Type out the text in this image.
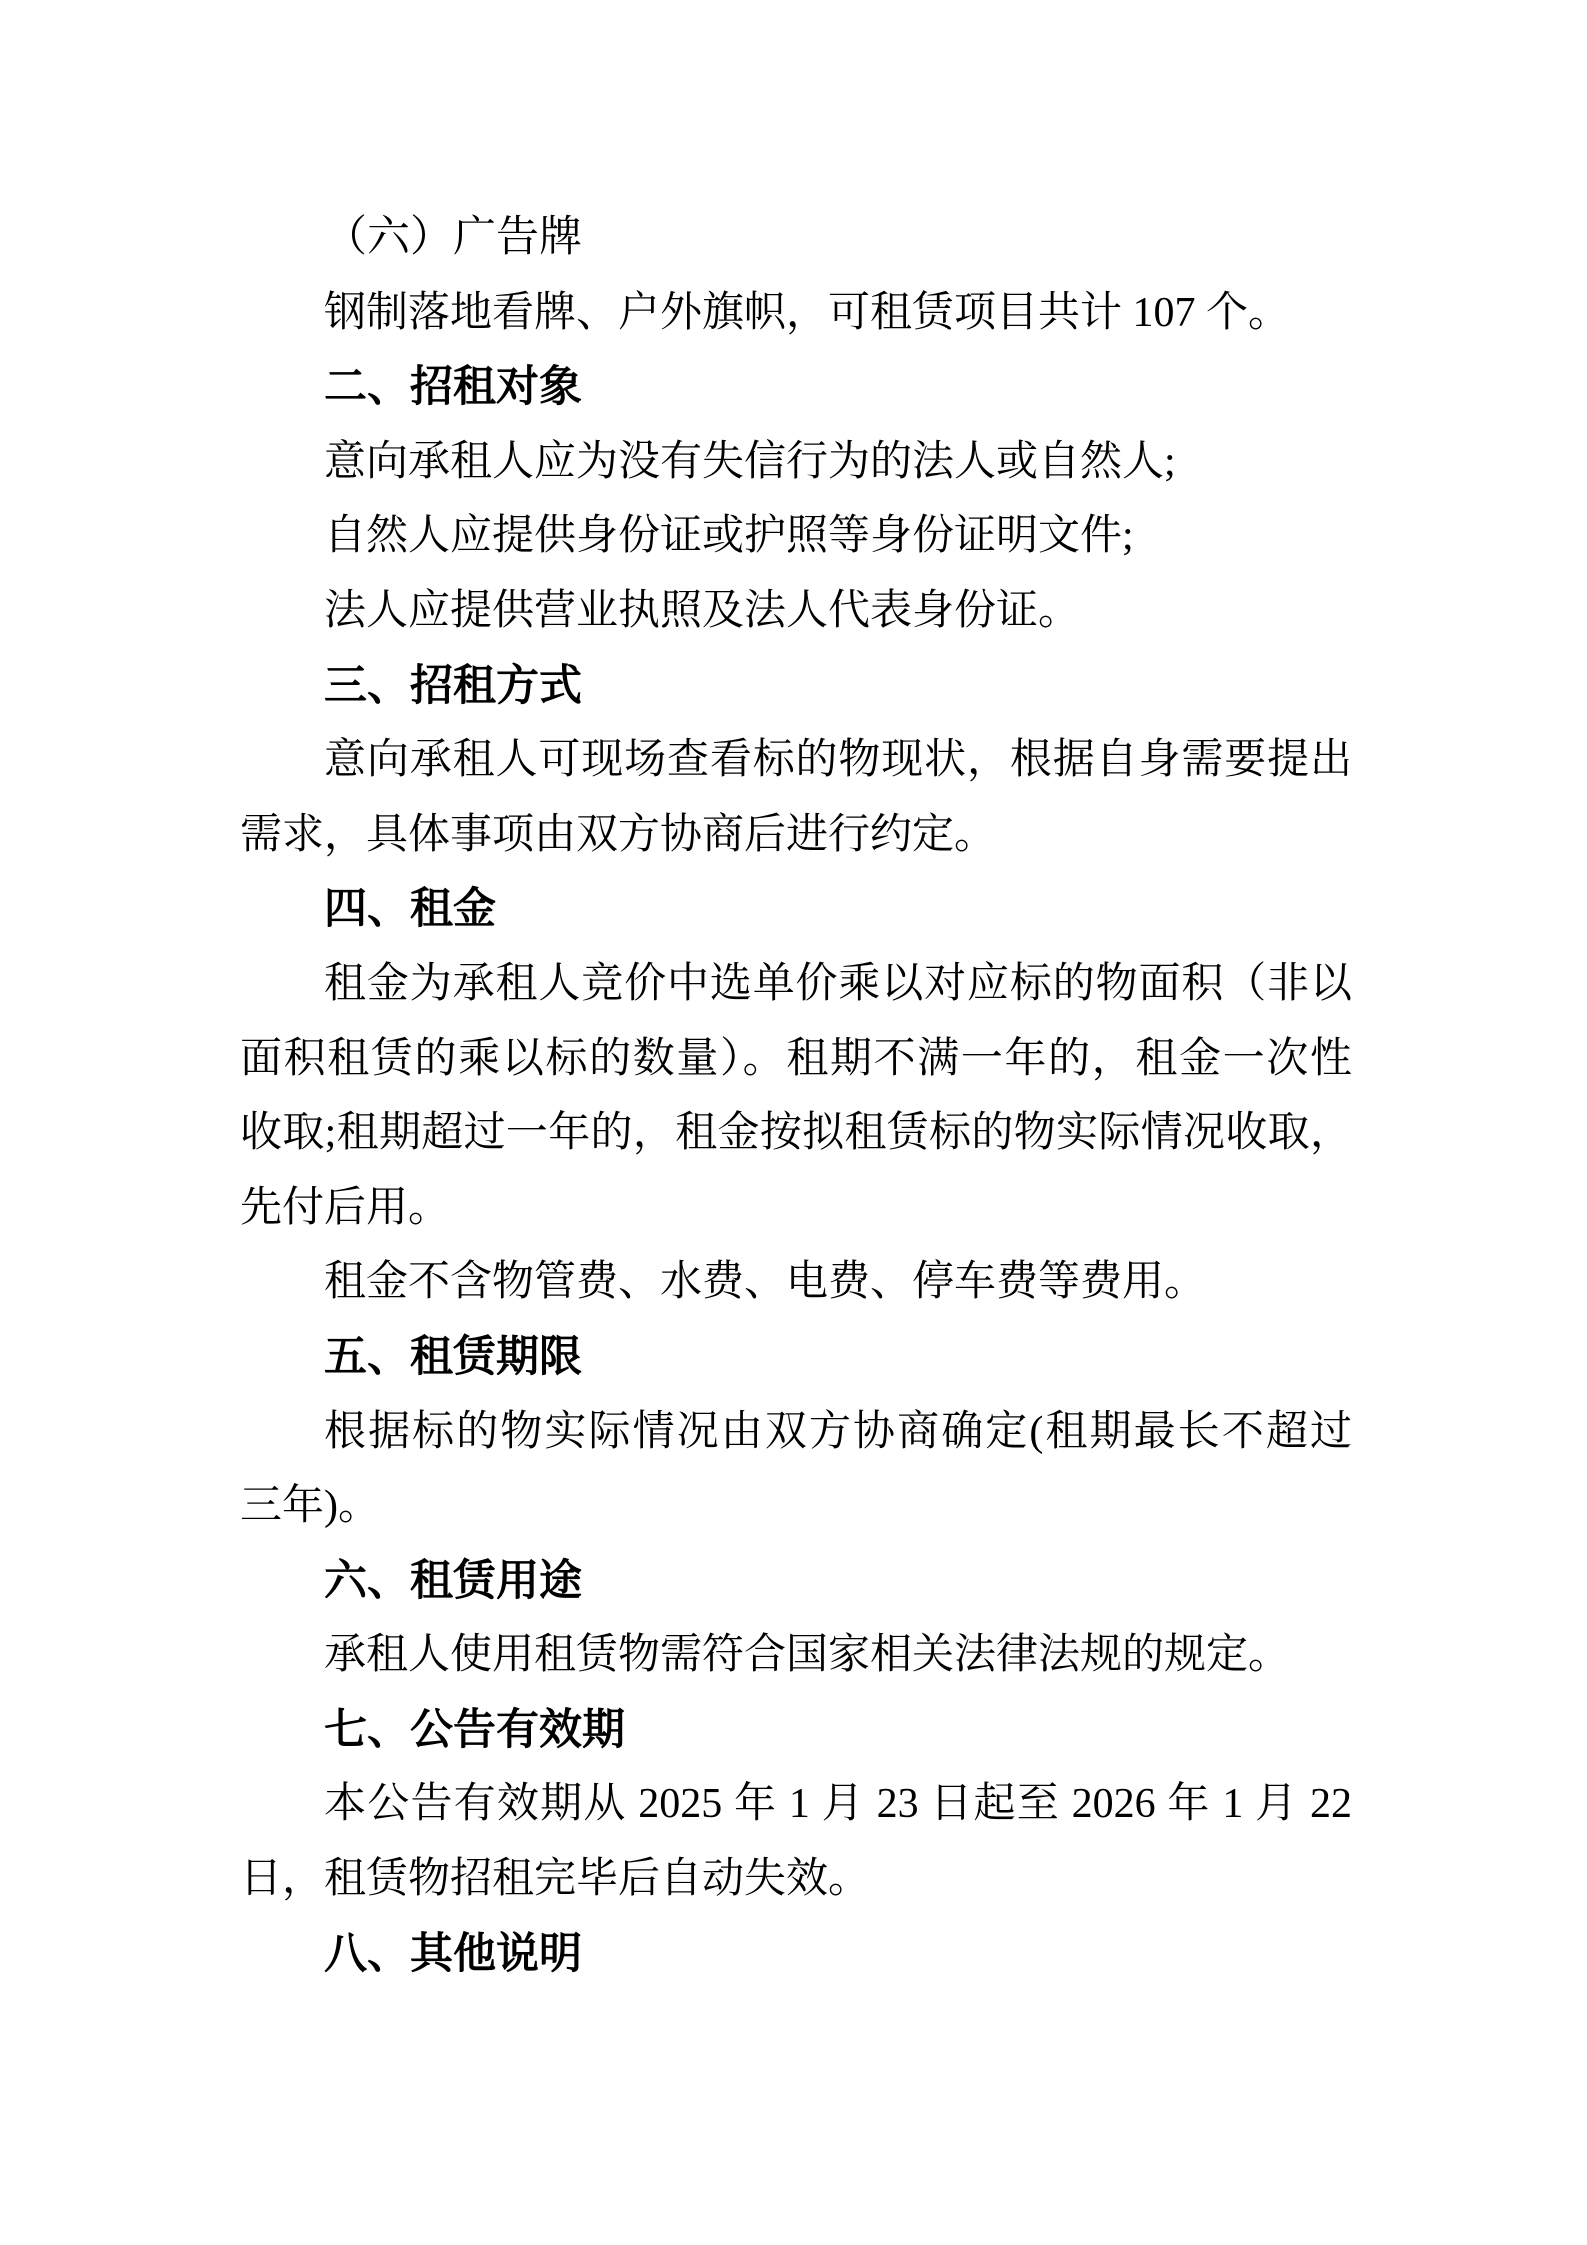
（六）广告牌
钢制落地看牌、户外旗帜，可租赁项目共计 107 个。
二、招租对象
意向承租人应为没有失信行为的法人或自然人;
自然人应提供身份证或护照等身份证明文件;
法人应提供营业执照及法人代表身份证。
三、招租方式
意向承租人可现场查看标的物现状，根据自身需要提出
需求，具体事项由双方协商后进行约定。
四、租金
租金为承租人竞价中选单价乘以对应标的物面积（非以
面积租赁的乘以标的数量）。租期不满一年的，租金一次性
收取;租期超过一年的，租金按拟租赁标的物实际情况收取，
先付后用。
租金不含物管费、水费、电费、停车费等费用。
五、租赁期限
根据标的物实际情况由双方协商确定(租期最长不超过
三年)。
六、租赁用途
承租人使用租赁物需符合国家相关法律法规的规定。
七、公告有效期
本公告有效期从 2025 年 1 月 23 日起至 2026 年 1 月 22
日，租赁物招租完毕后自动失效。
八、其他说明
